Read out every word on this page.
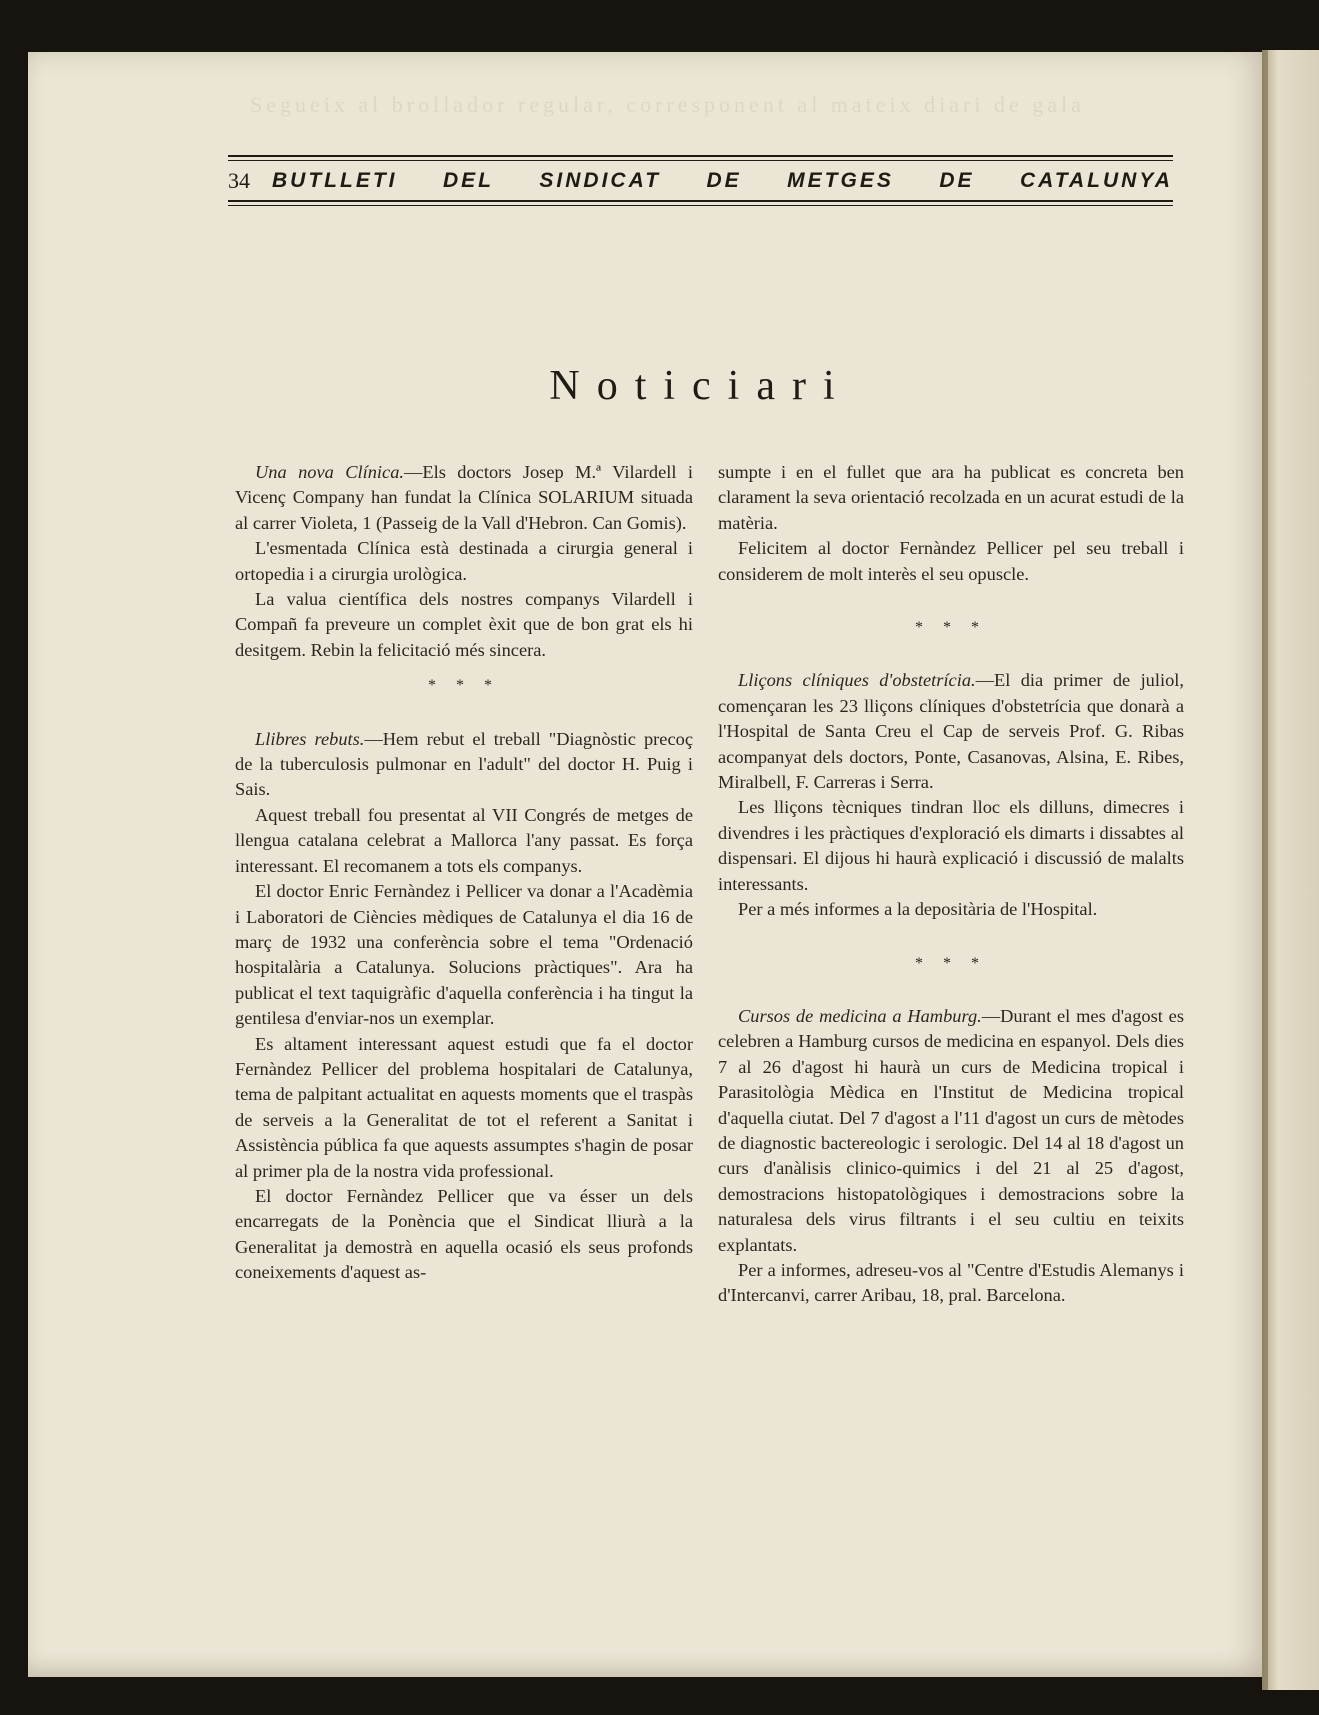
Segueix al brollador regular, corresponent al mateix diari de gala
34 BUTLLETI DEL SINDICAT DE METGES DE CATALUNYA
Noticiari

Una nova Clínica.—Els doctors Josep M.ª Vilardell i Vicenç Company han fundat la Clínica SOLARIUM situada al carrer Violeta, 1 (Passeig de la Vall d'Hebron. Can Gomis).

L'esmentada Clínica està destinada a cirurgia general i ortopedia i a cirurgia urològica.

La valua científica dels nostres companys Vilardell i Compañ fa preveure un complet èxit que de bon grat els hi desitgem. Rebin la felicitació més sincera.

* * *

Llibres rebuts.—Hem rebut el treball "Diagnòstic precoç de la tuberculosis pulmonar en l'adult" del doctor H. Puig i Sais.

Aquest treball fou presentat al VII Congrés de metges de llengua catalana celebrat a Mallorca l'any passat. Es força interessant. El recomanem a tots els companys.

El doctor Enric Fernàndez i Pellicer va donar a l'Acadèmia i Laboratori de Ciències mèdiques de Catalunya el dia 16 de març de 1932 una conferència sobre el tema "Ordenació hospitalària a Catalunya. Solucions pràctiques". Ara ha publicat el text taquigràfic d'aquella conferència i ha tingut la gentilesa d'enviar-nos un exemplar.

Es altament interessant aquest estudi que fa el doctor Fernàndez Pellicer del problema hospitalari de Catalunya, tema de palpitant actualitat en aquests moments que el traspàs de serveis a la Generalitat de tot el referent a Sanitat i Assistència pública fa que aquests assumptes s'hagin de posar al primer pla de la nostra vida professional.

El doctor Fernàndez Pellicer que va ésser un dels encarregats de la Ponència que el Sindicat lliurà a la Generalitat ja demostrà en aquella ocasió els seus profonds coneixements d'aquest as-

sumpte i en el fullet que ara ha publicat es concreta ben clarament la seva orientació recolzada en un acurat estudi de la matèria.

Felicitem al doctor Fernàndez Pellicer pel seu treball i considerem de molt interès el seu opuscle.

* * *

Lliçons clíniques d'obstetrícia.—El dia primer de juliol, començaran les 23 lliçons clíniques d'obstetrícia que donarà a l'Hospital de Santa Creu el Cap de serveis Prof. G. Ribas acompanyat dels doctors, Ponte, Casanovas, Alsina, E. Ribes, Miralbell, F. Carreras i Serra.

Les lliçons tècniques tindran lloc els dilluns, dimecres i divendres i les pràctiques d'exploració els dimarts i dissabtes al dispensari. El dijous hi haurà explicació i discussió de malalts interessants.

Per a més informes a la depositària de l'Hospital.

* * *

Cursos de medicina a Hamburg.—Durant el mes d'agost es celebren a Hamburg cursos de medicina en espanyol. Dels dies 7 al 26 d'agost hi haurà un curs de Medicina tropical i Parasitològia Mèdica en l'Institut de Medicina tropical d'aquella ciutat. Del 7 d'agost a l'11 d'agost un curs de mètodes de diagnostic bactereologic i serologic. Del 14 al 18 d'agost un curs d'anàlisis clinico-quimics i del 21 al 25 d'agost, demostracions histopatològiques i demostracions sobre la naturalesa dels virus filtrants i el seu cultiu en teixits explantats.

Per a informes, adreseu-vos al "Centre d'Estudis Alemanys i d'Intercanvi, carrer Aribau, 18, pral. Barcelona.
